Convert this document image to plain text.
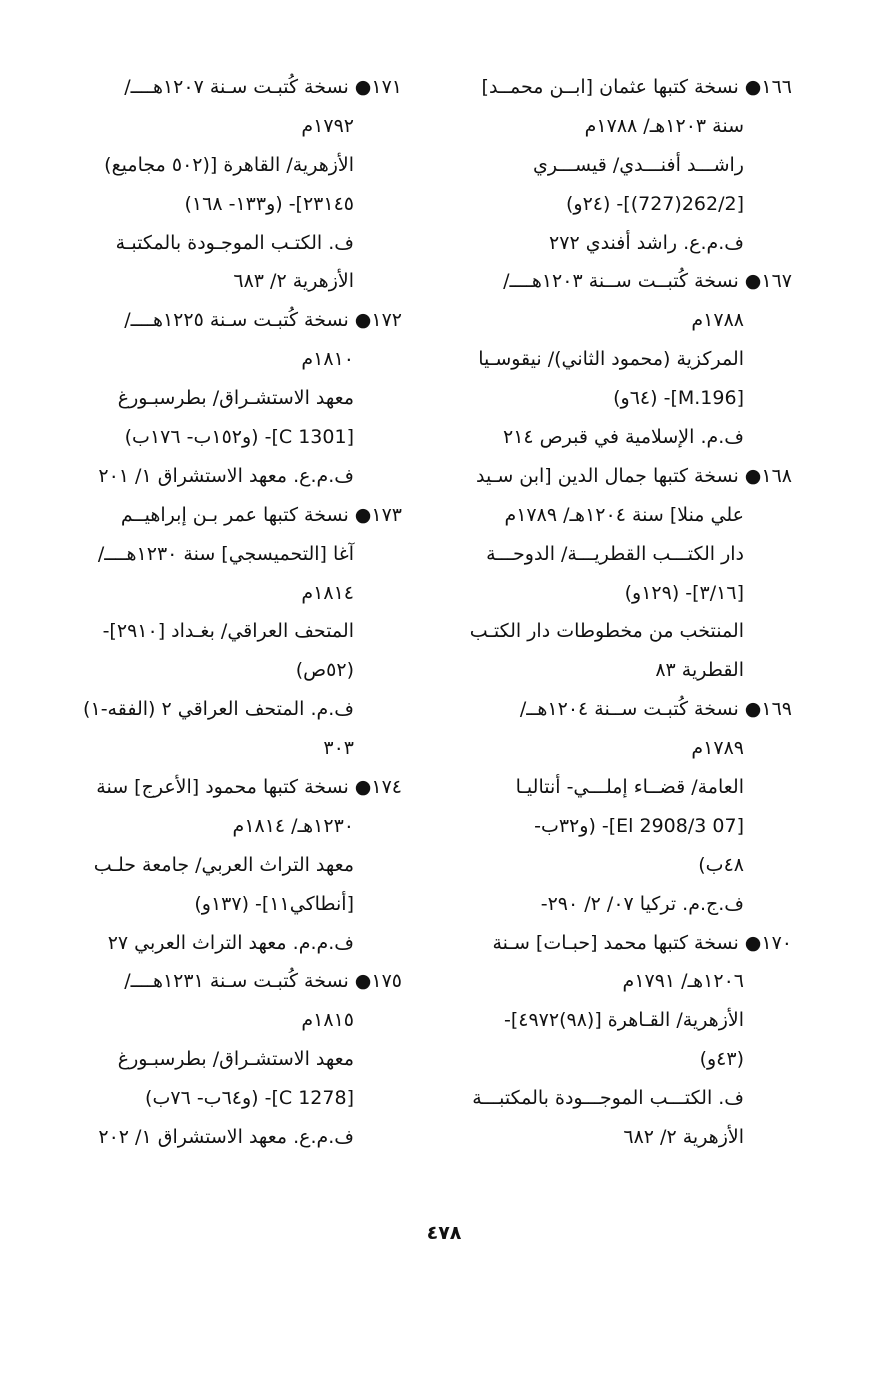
١٦٦● نسخة كتبها عثمان [ابــن محمــد]
سنة ١٢٠٣هـ/ ١٧٨٨م
راشـــد أفنـــدي/ قيســـري
[262/2(727)]- (٢٤و)
ف.م.ع. راشد أفندي ٢٧٢
١٦٧● نسخة كُتبــت ســنة ١٢٠٣هــــ/
١٧٨٨م
المركزية (محمود الثاني)/ نيقوسـيا
[M.196]- (٦٤و)
ف.م. الإسلامية في قبرص ٢١٤
١٦٨● نسخة كتبها جمال الدين [ابن سـيد
علي منلا] سنة ١٢٠٤هـ/ ١٧٨٩م
دار الكتـــب القطريـــة/ الدوحـــة
[٣/١٦]- (١٢٩و)
المنتخب من مخطوطات دار الكتـب
القطرية ٨٣
١٦٩● نسخة كُتبـت ســنة ١٢٠٤هــ/
١٧٨٩م
العامة/ قضــاء إملـــي- أنتاليـا
[07 El 2908/3]- (و٣٢ب-
٤٨ب)
ف.ج.م. تركيا ٠٧/ ٢/ ٢٩٠-
١٧٠● نسخة كتبها محمد [حبـات] سـنة
١٢٠٦هـ/ ١٧٩١م
الأزهرية/ القـاهرة [(٩٨)٤٩٧٢]-
(٤٣و)
ف. الكتـــب الموجـــودة بالمكتبـــة
الأزهرية ٢/ ٦٨٢
١٧١● نسخة كُتبـت سـنة ١٢٠٧هــــ/
١٧٩٢م
الأزهرية/ القاهرة [(٥٠٢ مجاميع)
٢٣١٤٥]- (و١٣٣- ١٦٨)
ف. الكتـب الموجـودة بالمكتبـة
الأزهرية ٢/ ٦٨٣
١٧٢● نسخة كُتبـت سـنة ١٢٢٥هــــ/
١٨١٠م
معهد الاستشـراق/ بطرسبـورغ
[C 1301]- (و١٥٢ب- ١٧٦ب)
ف.م.ع. معهد الاستشراق ١/ ٢٠١
١٧٣● نسخة كتبها عمر بـن إبراهيــم
آغا [التحميسجي] سنة ١٢٣٠هــــ/
١٨١٤م
المتحف العراقي/ بغـداد [٢٩١٠]-
(٥٢ص)
ف.م. المتحف العراقي ٢ (الفقه-١)
٣٠٣
١٧٤● نسخة كتبها محمود [الأعرج] سنة
١٢٣٠هـ/ ١٨١٤م
معهد التراث العربي/ جامعة حلـب
[أنطاكي١١]- (١٣٧و)
ف.م.م. معهد التراث العربي ٢٧
١٧٥● نسخة كُتبـت سـنة ١٢٣١هــــ/
١٨١٥م
معهد الاستشـراق/ بطرسبـورغ
[C 1278]- (و٦٤ب- ٧٦ب)
ف.م.ع. معهد الاستشراق ١/ ٢٠٢
٤٧٨
